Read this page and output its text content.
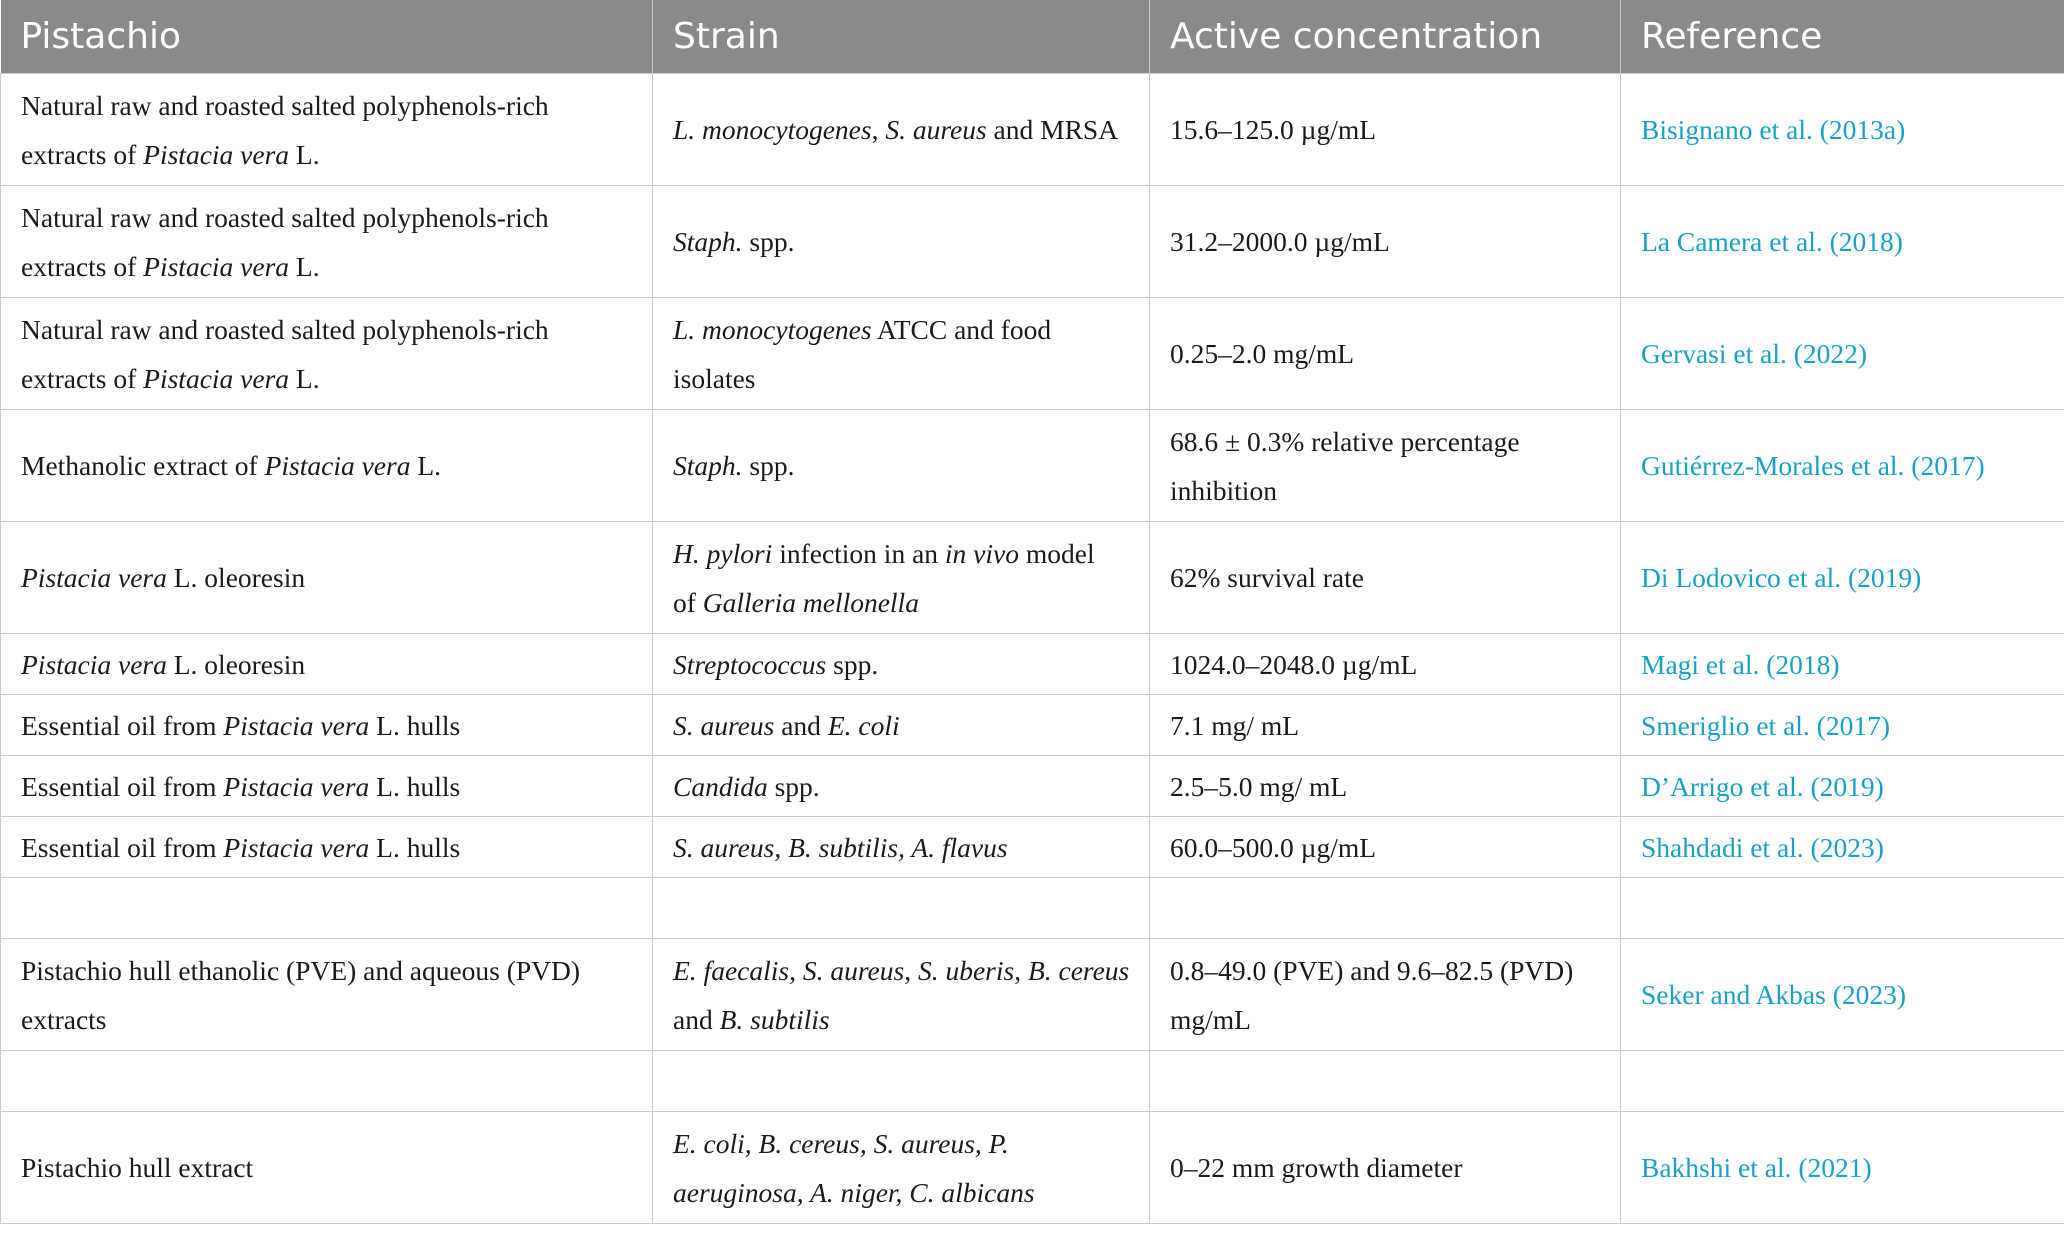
Pistachio	Strain	Active concentration	Reference
Natural raw and roasted salted polyphenols-rich
extracts of Pistacia vera L.	L. monocytogenes, S. aureus and MRSA	15.6–125.0 µg/mL	Bisignano et al. (2013a)
Natural raw and roasted salted polyphenols-rich
extracts of Pistacia vera L.	Staph. spp.	31.2–2000.0 µg/mL	La Camera et al. (2018)
Natural raw and roasted salted polyphenols-rich
extracts of Pistacia vera L.	L. monocytogenes ATCC and food
isolates	0.25–2.0 mg/mL	Gervasi et al. (2022)
Methanolic extract of Pistacia vera L.	Staph. spp.	68.6 ± 0.3% relative percentage
inhibition	Gutiérrez-Morales et al. (2017)
Pistacia vera L. oleoresin	H. pylori infection in an in vivo model
of Galleria mellonella	62% survival rate	Di Lodovico et al. (2019)
Pistacia vera L. oleoresin	Streptococcus spp.	1024.0–2048.0 µg/mL	Magi et al. (2018)
Essential oil from Pistacia vera L. hulls	S. aureus and E. coli	7.1 mg/ mL	Smeriglio et al. (2017)
Essential oil from Pistacia vera L. hulls	Candida spp.	2.5–5.0 mg/ mL	D’Arrigo et al. (2019)
Essential oil from Pistacia vera L. hulls	S. aureus, B. subtilis, A. flavus	60.0–500.0 µg/mL	Shahdadi et al. (2023)

Pistachio hull ethanolic (PVE) and aqueous (PVD)
extracts	E. faecalis, S. aureus, S. uberis, B. cereus
and B. subtilis	0.8–49.0 (PVE) and 9.6–82.5 (PVD)
mg/mL	Seker and Akbas (2023)

Pistachio hull extract	E. coli, B. cereus, S. aureus, P.
aeruginosa, A. niger, C. albicans	0–22 mm growth diameter	Bakhshi et al. (2021)
